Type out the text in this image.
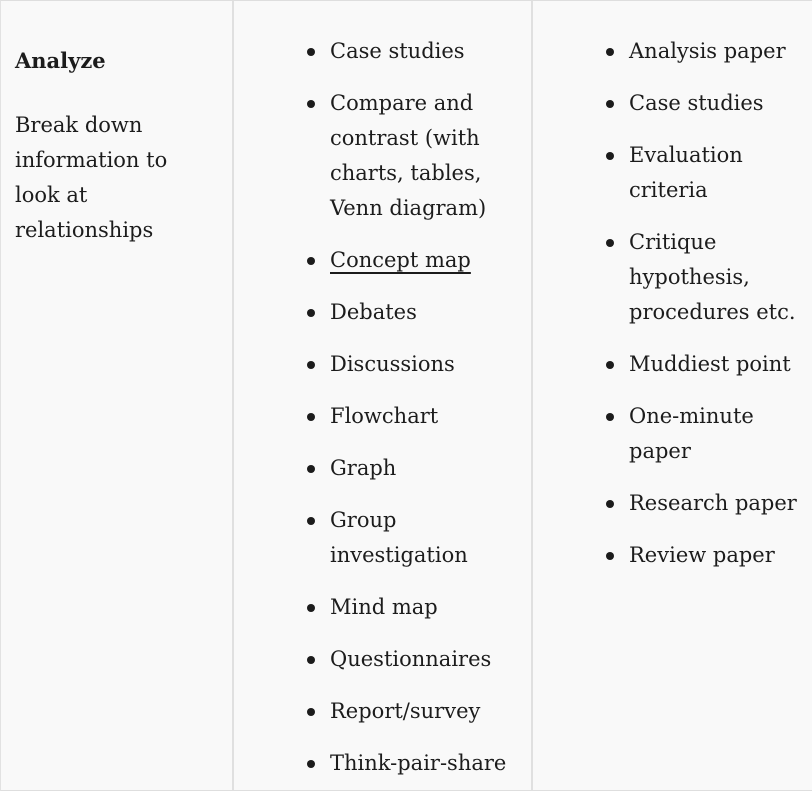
Analyze

Break down information to look at relationships

Case studies
Compare and contrast (with charts, tables, Venn diagram)
Concept map
Debates
Discussions
Flowchart
Graph
Group investigation
Mind map
Questionnaires
Report/survey
Think-pair-share
Analysis paper
Case studies
Evaluation criteria
Critique hypothesis, procedures etc.
Muddiest point
One-minute paper
Research paper
Review paper
